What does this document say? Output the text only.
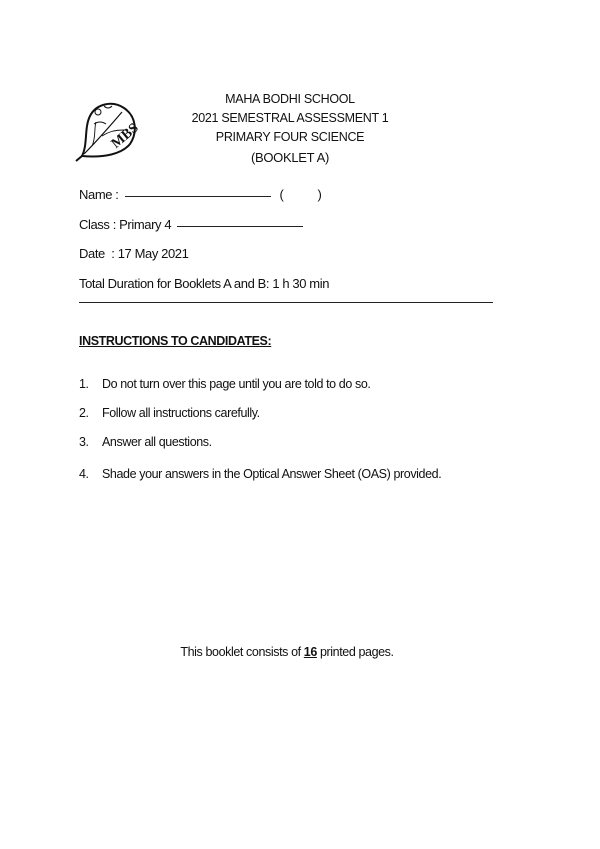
MBS
MAHA BODHI SCHOOL
2021 SEMESTRAL ASSESSMENT 1
PRIMARY FOUR SCIENCE
(BOOKLET A)
Name :	(	)
Class : Primary 4
Date  : 17 May 2021
Total Duration for Booklets A and B: 1 h 30 min
INSTRUCTIONS TO CANDIDATES:
1. Do not turn over this page until you are told to do so.
2. Follow all instructions carefully.
3. Answer all questions.
4. Shade your answers in the Optical Answer Sheet (OAS) provided.
This booklet consists of 16 printed pages.
